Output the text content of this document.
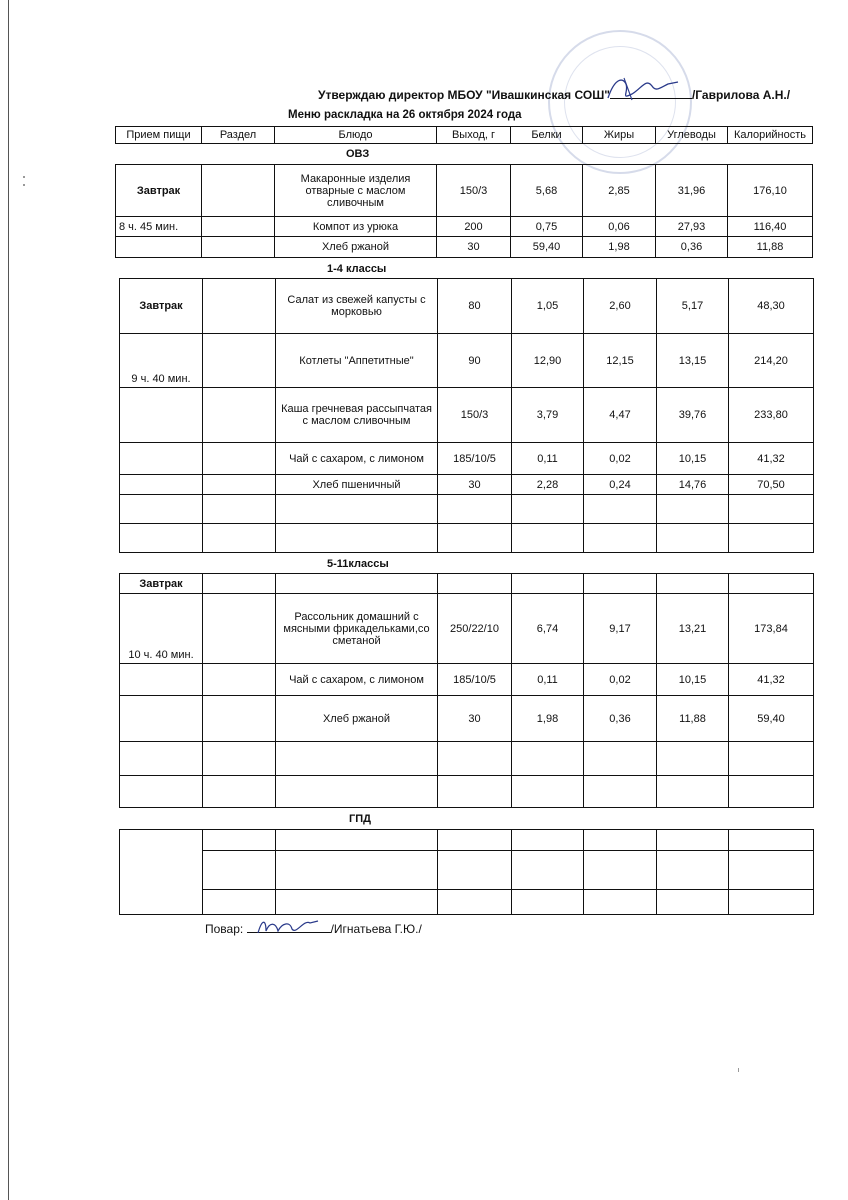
Утверждаю директор МБОУ "Ивашкинская СОШ"	/Гаврилова А.Н./
Меню раскладка на 26 октября 2024 года
Прием пищи	Раздел	Блюдо	Выход, г	Белки	Жиры	Углеводы	Калорийность
ОВЗ
Завтрак		Макаронные изделия отварные с маслом сливочным	150/3	5,68	2,85	31,96	176,10
8 ч. 45 мин.		Компот из урюка	200	0,75	0,06	27,93	116,40
		Хлеб ржаной	30	59,40	1,98	0,36	11,88
1-4 классы
Завтрак		Салат из свежей капусты с морковью	80	1,05	2,60	5,17	48,30
9 ч. 40 мин.		Котлеты "Аппетитные"	90	12,90	12,15	13,15	214,20
		Каша гречневая рассыпчатая с маслом сливочным	150/3	3,79	4,47	39,76	233,80
		Чай с сахаром, с лимоном	185/10/5	0,11	0,02	10,15	41,32
		Хлеб пшеничный	30	2,28	0,24	14,76	70,50

5-11классы
Завтрак							
10 ч. 40 мин.		Рассольник домашний с мясными фрикадельками,со сметаной	250/22/10	6,74	9,17	13,21	173,84
		Чай с сахаром, с лимоном	185/10/5	0,11	0,02	10,15	41,32
		Хлеб ржаной	30	1,98	0,36	11,88	59,40

ГПД

Повар:	/Игнатьева Г.Ю./
